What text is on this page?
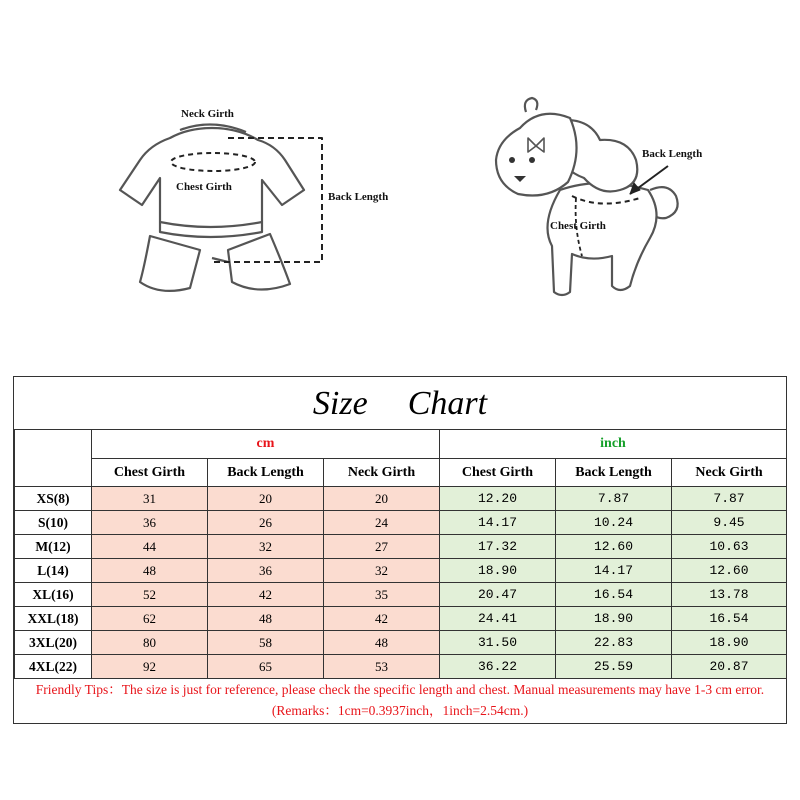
Neck Girth
Chest Girth
Back Length
Back Length
Chest Girth
Size Chart
	cm			inch		
	Chest Girth	Back Length	Neck Girth	Chest Girth	Back Length	Neck Girth
XS(8)	31	20	20	12.20	7.87	7.87
S(10)	36	26	24	14.17	10.24	9.45
M(12)	44	32	27	17.32	12.60	10.63
L(14)	48	36	32	18.90	14.17	12.60
XL(16)	52	42	35	20.47	16.54	13.78
XXL(18)	62	48	42	24.41	18.90	16.54
3XL(20)	80	58	48	31.50	22.83	18.90
4XL(22)	92	65	53	36.22	25.59	20.87
Friendly Tips：The size is just for reference, please check the specific length and chest. Manual measurements may have 1-3 cm error. (Remarks：1cm=0.3937inch，1inch=2.54cm.)
